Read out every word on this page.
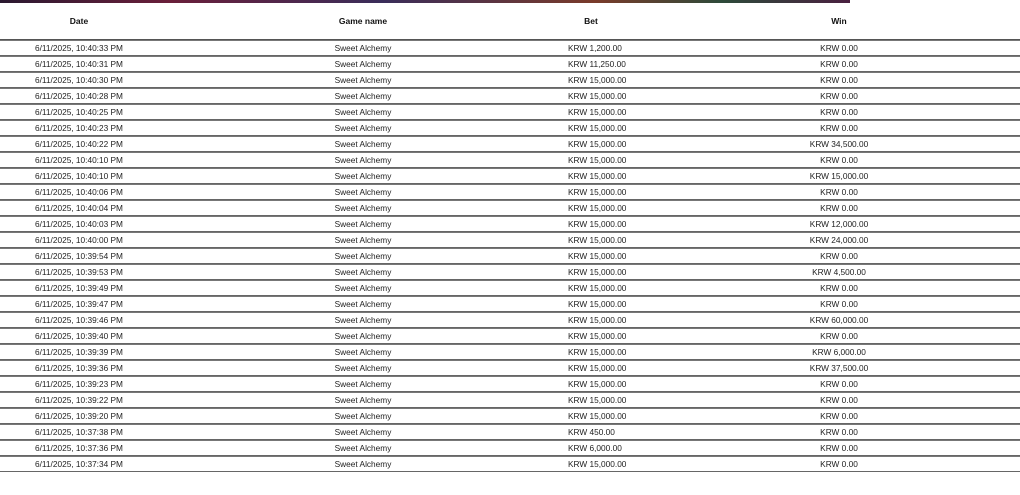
Date	Game name	Bet	Win
6/11/2025, 10:40:33 PM	Sweet Alchemy	KRW 1,200.00	KRW 0.00
6/11/2025, 10:40:31 PM	Sweet Alchemy	KRW 11,250.00	KRW 0.00
6/11/2025, 10:40:30 PM	Sweet Alchemy	KRW 15,000.00	KRW 0.00
6/11/2025, 10:40:28 PM	Sweet Alchemy	KRW 15,000.00	KRW 0.00
6/11/2025, 10:40:25 PM	Sweet Alchemy	KRW 15,000.00	KRW 0.00
6/11/2025, 10:40:23 PM	Sweet Alchemy	KRW 15,000.00	KRW 0.00
6/11/2025, 10:40:22 PM	Sweet Alchemy	KRW 15,000.00	KRW 34,500.00
6/11/2025, 10:40:10 PM	Sweet Alchemy	KRW 15,000.00	KRW 0.00
6/11/2025, 10:40:10 PM	Sweet Alchemy	KRW 15,000.00	KRW 15,000.00
6/11/2025, 10:40:06 PM	Sweet Alchemy	KRW 15,000.00	KRW 0.00
6/11/2025, 10:40:04 PM	Sweet Alchemy	KRW 15,000.00	KRW 0.00
6/11/2025, 10:40:03 PM	Sweet Alchemy	KRW 15,000.00	KRW 12,000.00
6/11/2025, 10:40:00 PM	Sweet Alchemy	KRW 15,000.00	KRW 24,000.00
6/11/2025, 10:39:54 PM	Sweet Alchemy	KRW 15,000.00	KRW 0.00
6/11/2025, 10:39:53 PM	Sweet Alchemy	KRW 15,000.00	KRW 4,500.00
6/11/2025, 10:39:49 PM	Sweet Alchemy	KRW 15,000.00	KRW 0.00
6/11/2025, 10:39:47 PM	Sweet Alchemy	KRW 15,000.00	KRW 0.00
6/11/2025, 10:39:46 PM	Sweet Alchemy	KRW 15,000.00	KRW 60,000.00
6/11/2025, 10:39:40 PM	Sweet Alchemy	KRW 15,000.00	KRW 0.00
6/11/2025, 10:39:39 PM	Sweet Alchemy	KRW 15,000.00	KRW 6,000.00
6/11/2025, 10:39:36 PM	Sweet Alchemy	KRW 15,000.00	KRW 37,500.00
6/11/2025, 10:39:23 PM	Sweet Alchemy	KRW 15,000.00	KRW 0.00
6/11/2025, 10:39:22 PM	Sweet Alchemy	KRW 15,000.00	KRW 0.00
6/11/2025, 10:39:20 PM	Sweet Alchemy	KRW 15,000.00	KRW 0.00
6/11/2025, 10:37:38 PM	Sweet Alchemy	KRW 450.00	KRW 0.00
6/11/2025, 10:37:36 PM	Sweet Alchemy	KRW 6,000.00	KRW 0.00
6/11/2025, 10:37:34 PM	Sweet Alchemy	KRW 15,000.00	KRW 0.00
